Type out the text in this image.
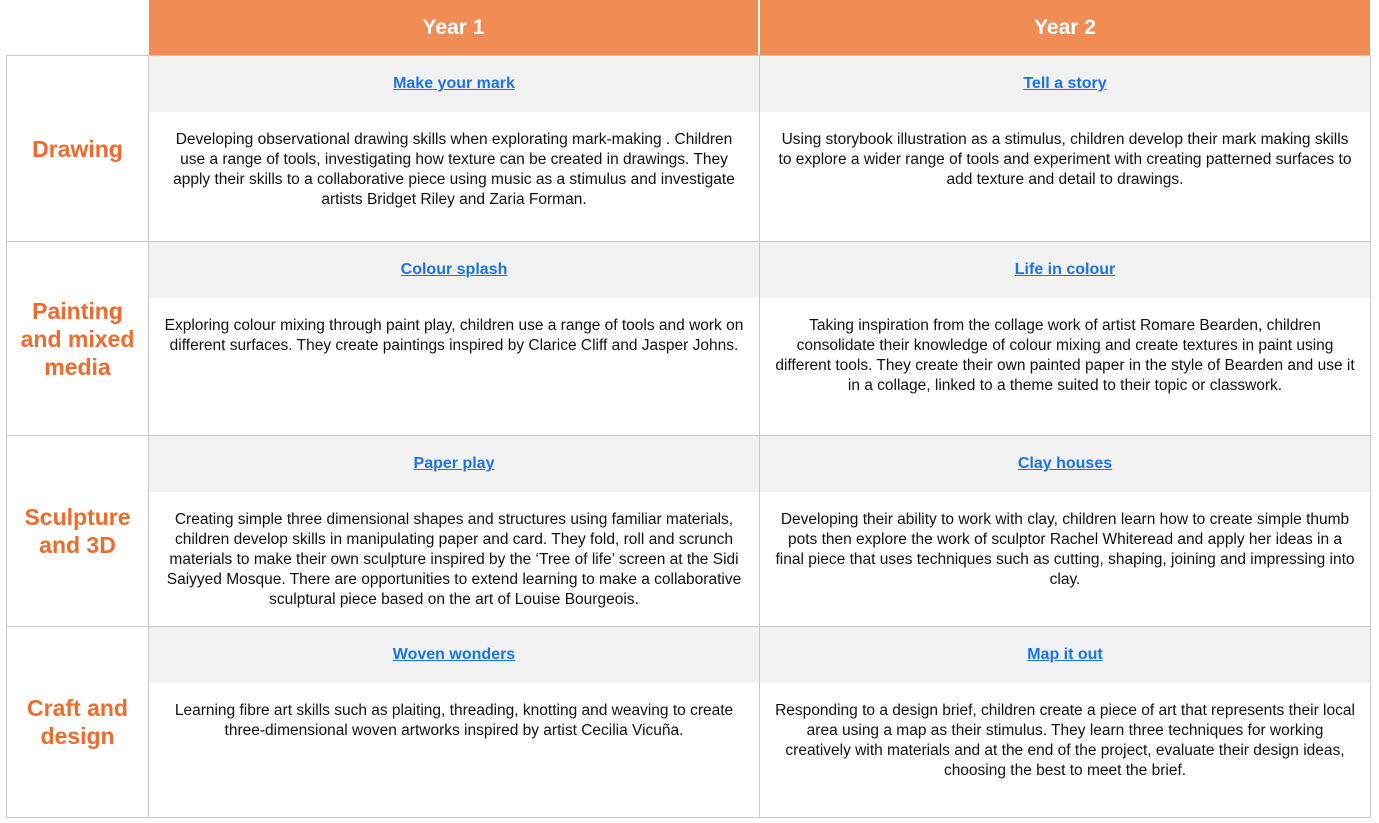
Year 1	Year 2
Drawing
Make your mark
Developing observational drawing skills when explorating mark-making . Children use a range of tools, investigating how texture can be created in drawings. They apply their skills to a collaborative piece using music as a stimulus and investigate artists Bridget Riley and Zaria Forman.
Tell a story
Using storybook illustration as a stimulus, children develop their mark making skills to explore a wider range of tools and experiment with creating patterned surfaces to add texture and detail to drawings.
Painting and mixed media
Colour splash
Exploring colour mixing through paint play, children use a range of tools and work on different surfaces. They create paintings inspired by Clarice Cliff and Jasper Johns.
Life in colour
Taking inspiration from the collage work of artist Romare Bearden, children consolidate their knowledge of colour mixing and create textures in paint using different tools. They create their own painted paper in the style of Bearden and use it in a collage, linked to a theme suited to their topic or classwork.
Sculpture and 3D
Paper play
Creating simple three dimensional shapes and structures using familiar materials, children develop skills in manipulating paper and card. They fold, roll and scrunch materials to make their own sculpture inspired by the ‘Tree of life’ screen at the Sidi Saiyyed Mosque. There are opportunities to extend learning to make a collaborative sculptural piece based on the art of Louise Bourgeois.
Clay houses
Developing their ability to work with clay, children learn how to create simple thumb pots then explore the work of sculptor Rachel Whiteread and apply her ideas in a final piece that uses techniques such as cutting, shaping, joining and impressing into clay.
Craft and design
Woven wonders
Learning fibre art skills such as plaiting, threading, knotting and weaving to create three-dimensional woven artworks inspired by artist Cecilia Vicuña.
Map it out
Responding to a design brief, children create a piece of art that represents their local area using a map as their stimulus. They learn three techniques for working creatively with materials and at the end of the project, evaluate their design ideas, choosing the best to meet the brief.
